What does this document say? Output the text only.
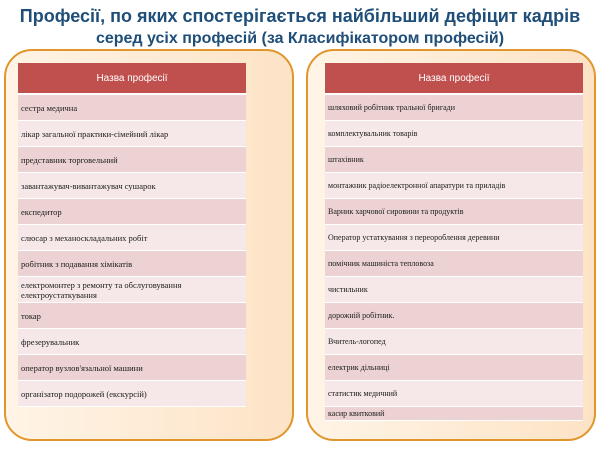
Професії, по яких спостерігається найбільший дефіцит кадрів
серед усіх професій (за Класифікатором професій)
Назва професії
сестра медична
лікар загальної практики-сімейний лікар
представник торговельний
завантажувач-вивантажувач сушарок
експедитор
слюсар з механоскладальних робіт
робітник з подавання хімікатів
електромонтер з ремонту та обслуговування електроустаткування
токар
фрезерувальник
оператор вузлов'язальної машини
організатор подорожей (екскурсій)
Назва професії
шляховий робітник тральної бригади
комплектувальник товарів
штахівник
монтажник радіоелектронної апаратури та приладів
Варник харчової сировини та продуктів
Оператор устаткування з переороблення деревини
помічник машиніста тепловоза
чистильник
дорожній робітник.
Вчитель-логопед
електрик дільниці
статистик медичний
касир квитковий
